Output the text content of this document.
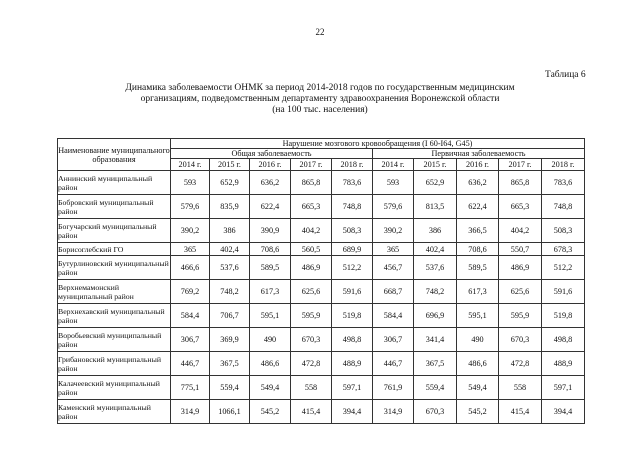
22
Таблица 6
Динамика заболеваемости ОНМК за период 2014-2018 годов по государственным медицинским
организациям, подведомственным департаменту здравоохранения Воронежской области
(на 100 тыс. населения)
Наименование муниципального образования	Нарушение мозгового кровообращения (I 60-I64, G45)									
	Общая заболеваемость					Первичная заболеваемость				
	2014 г.	2015 г.	2016 г.	2017 г.	2018 г.	2014 г.	2015 г.	2016 г.	2017 г.	2018 г.
Аннинский муниципальный район	593	652,9	636,2	865,8	783,6	593	652,9	636,2	865,8	783,6
Бобровский муниципальный район	579,6	835,9	622,4	665,3	748,8	579,6	813,5	622,4	665,3	748,8
Богучарский муниципальный район	390,2	386	390,9	404,2	508,3	390,2	386	366,5	404,2	508,3
Борисоглебский ГО	365	402,4	708,6	560,5	689,9	365	402,4	708,6	550,7	678,3
Бутурлиновский муниципальный район	466,6	537,6	589,5	486,9	512,2	456,7	537,6	589,5	486,9	512,2
Верхнемамонский муниципальный район	769,2	748,2	617,3	625,6	591,6	668,7	748,2	617,3	625,6	591,6
Верхнехавский муниципальный район	584,4	706,7	595,1	595,9	519,8	584,4	696,9	595,1	595,9	519,8
Воробьевский муниципальный район	306,7	369,9	490	670,3	498,8	306,7	341,4	490	670,3	498,8
Грибановский муниципальный район	446,7	367,5	486,6	472,8	488,9	446,7	367,5	486,6	472,8	488,9
Калачеевский муниципальный район	775,1	559,4	549,4	558	597,1	761,9	559,4	549,4	558	597,1
Каменский муниципальный район	314,9	1066,1	545,2	415,4	394,4	314,9	670,3	545,2	415,4	394,4
